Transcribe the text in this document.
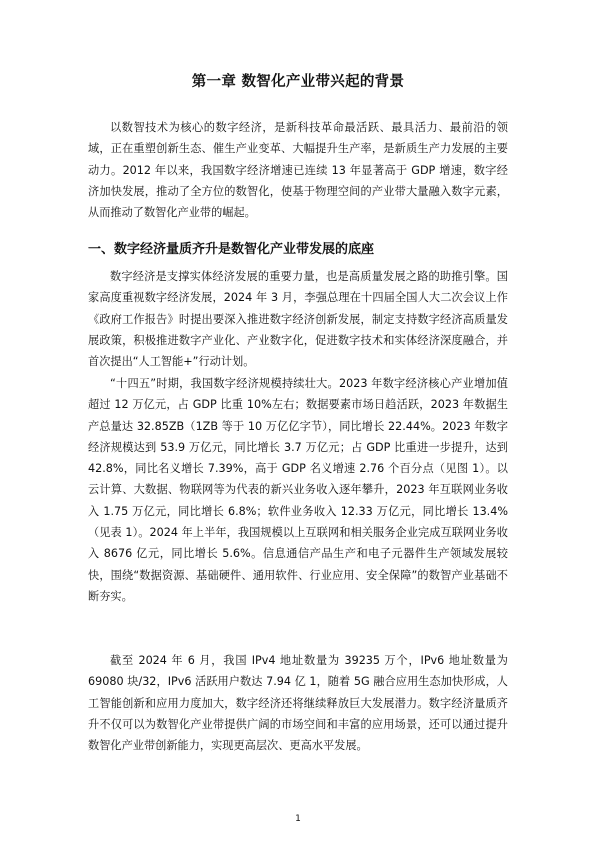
第一章 数智化产业带兴起的背景

以数智技术为核心的数字经济，是新科技革命最活跃、最具活力、最前沿的领域，正在重塑创新生态、催生产业变革、大幅提升生产率，是新质生产力发展的主要动力。2012 年以来，我国数字经济增速已连续 13 年显著高于 GDP 增速，数字经济加快发展，推动了全方位的数智化，使基于物理空间的产业带大量融入数字元素，从而推动了数智化产业带的崛起。

一、数字经济量质齐升是数智化产业带发展的底座

数字经济是支撑实体经济发展的重要力量，也是高质量发展之路的助推引擎。国家高度重视数字经济发展，2024 年 3 月，李强总理在十四届全国人大二次会议上作《政府工作报告》时提出要深入推进数字经济创新发展，制定支持数字经济高质量发展政策，积极推进数字产业化、产业数字化，促进数字技术和实体经济深度融合，并首次提出“人工智能+”行动计划。

“十四五”时期，我国数字经济规模持续壮大。2023 年数字经济核心产业增加值超过 12 万亿元，占 GDP 比重 10%左右；数据要素市场日趋活跃，2023 年数据生产总量达 32.85ZB（1ZB 等于 10 万亿亿字节），同比增长 22.44%。2023 年数字经济规模达到 53.9 万亿元，同比增长 3.7 万亿元；占 GDP 比重进一步提升，达到 42.8%，同比名义增长 7.39%，高于 GDP 名义增速 2.76 个百分点（见图 1）。以云计算、大数据、物联网等为代表的新兴业务收入逐年攀升，2023 年互联网业务收入 1.75 万亿元，同比增长 6.8%；软件业务收入 12.33 万亿元，同比增长 13.4%（见表 1）。2024 年上半年，我国规模以上互联网和相关服务企业完成互联网业务收入 8676 亿元，同比增长 5.6%。信息通信产品生产和电子元器件生产领域发展较快，围绕“数据资源、基础硬件、通用软件、行业应用、安全保障”的数智产业基础不断夯实。

截至 2024 年 6 月，我国 IPv4 地址数量为 39235 万个，IPv6 地址数量为 69080 块/32，IPv6 活跃用户数达 7.94 亿 1，随着 5G 融合应用生态加快形成，人工智能创新和应用力度加大，数字经济还将继续释放巨大发展潜力。数字经济量质齐升不仅可以为数智化产业带提供广阔的市场空间和丰富的应用场景，还可以通过提升数智化产业带创新能力，实现更高层次、更高水平发展。

1
